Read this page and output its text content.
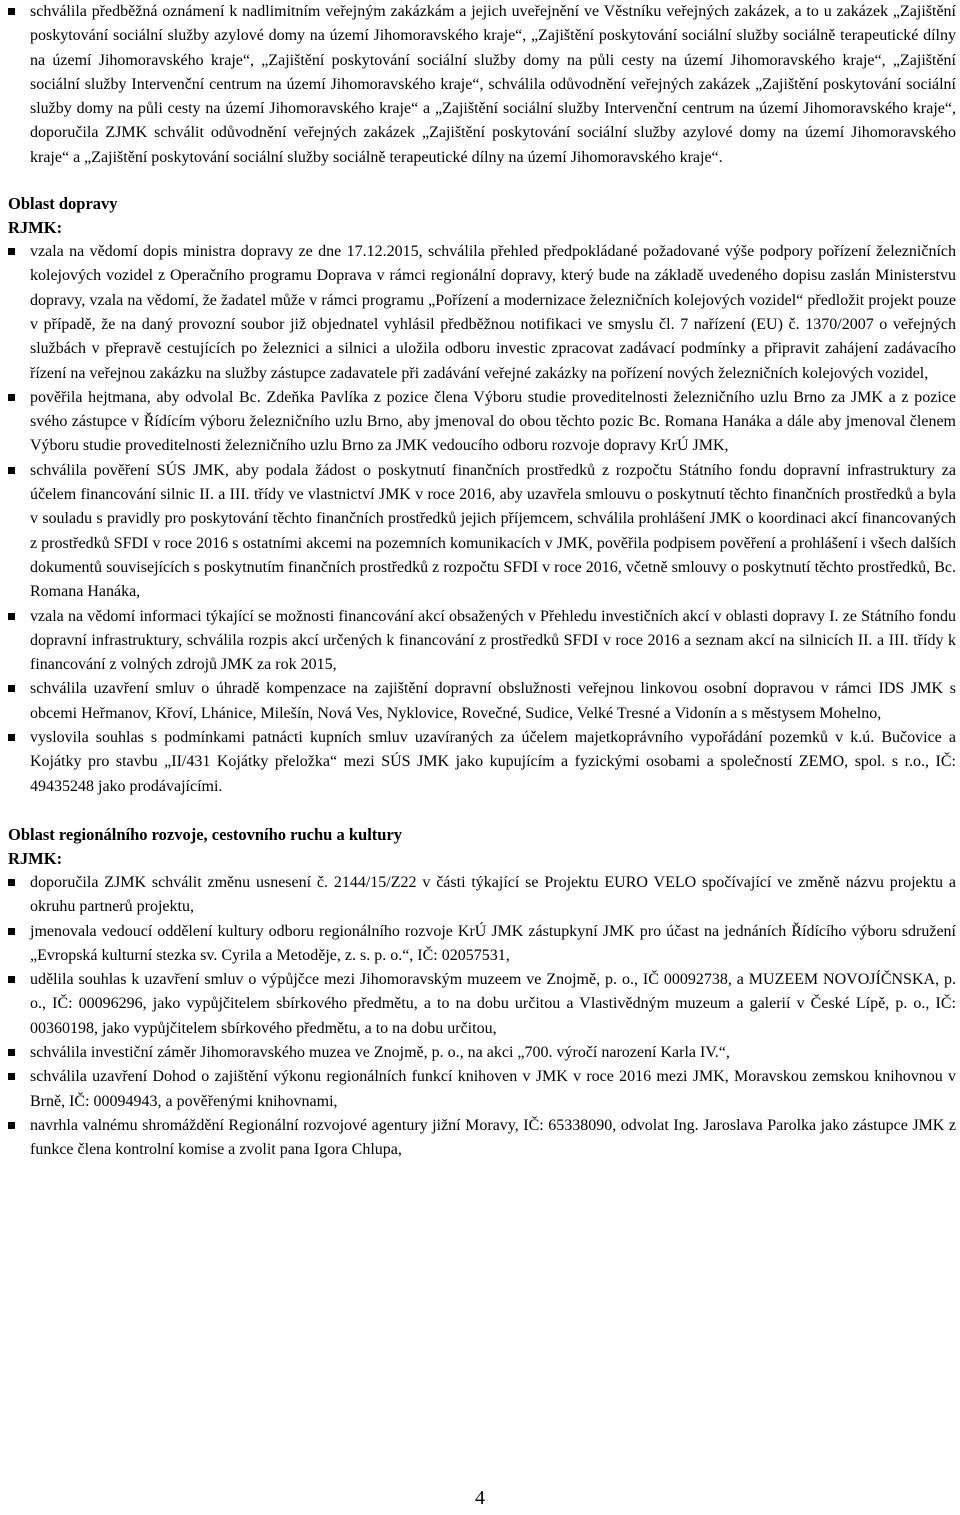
schválila předběžná oznámení k nadlimitním veřejným zakázkám a jejich uveřejnění ve Věstníku veřejných zakázek, a to u zakázek „Zajištění poskytování sociální služby azylové domy na území Jihomoravského kraje“, „Zajištění poskytování sociální služby sociálně terapeutické dílny na území Jihomoravského kraje“, „Zajištění poskytování sociální služby domy na půli cesty na území Jihomoravského kraje“, „Zajištění sociální služby Intervenční centrum na území Jihomoravského kraje“, schválila odůvodnění veřejných zakázek „Zajištění poskytování sociální služby domy na půli cesty na území Jihomoravského kraje“ a „Zajištění sociální služby Intervenční centrum na území Jihomoravského kraje“, doporučila ZJMK schválit odůvodnění veřejných zakázek „Zajištění poskytování sociální služby azylové domy na území Jihomoravského kraje“ a „Zajištění poskytování sociální služby sociálně terapeutické dílny na území Jihomoravského kraje“.

Oblast dopravy

RJMK:

vzala na vědomí dopis ministra dopravy ze dne 17.12.2015, schválila přehled předpokládané požadované výše podpory pořízení železničních kolejových vozidel z Operačního programu Doprava v rámci regionální dopravy, který bude na základě uvedeného dopisu zaslán Ministerstvu dopravy, vzala na vědomí, že žadatel může v rámci programu „Pořízení a modernizace železničních kolejových vozidel“ předložit projekt pouze v případě, že na daný provozní soubor již objednatel vyhlásil předběžnou notifikaci ve smyslu čl. 7 nařízení (EU) č. 1370/2007 o veřejných službách v přepravě cestujících po železnici a silnici a uložila odboru investic zpracovat zadávací podmínky a připravit zahájení zadávacího řízení na veřejnou zakázku na služby zástupce zadavatele při zadávání veřejné zakázky na pořízení nových železničních kolejových vozidel,
pověřila hejtmana, aby odvolal Bc. Zdeňka Pavlíka z pozice člena Výboru studie proveditelnosti železničního uzlu Brno za JMK a z pozice svého zástupce v Řídícím výboru železničního uzlu Brno, aby jmenoval do obou těchto pozic Bc. Romana Hanáka a dále aby jmenoval členem Výboru studie proveditelnosti železničního uzlu Brno za JMK vedoucího odboru rozvoje dopravy KrÚ JMK,
schválila pověření SÚS JMK, aby podala žádost o poskytnutí finančních prostředků z rozpočtu Státního fondu dopravní infrastruktury za účelem financování silnic II. a III. třídy ve vlastnictví JMK v roce 2016, aby uzavřela smlouvu o poskytnutí těchto finančních prostředků a byla v souladu s pravidly pro poskytování těchto finančních prostředků jejich příjemcem, schválila prohlášení JMK o koordinaci akcí financovaných z prostředků SFDI v roce 2016 s ostatními akcemi na pozemních komunikacích v JMK, pověřila podpisem pověření a prohlášení i všech dalších dokumentů souvisejících s poskytnutím finančních prostředků z rozpočtu SFDI v roce 2016, včetně smlouvy o poskytnutí těchto prostředků, Bc. Romana Hanáka,
vzala na vědomí informaci týkající se možnosti financování akcí obsažených v Přehledu investičních akcí v oblasti dopravy I. ze Státního fondu dopravní infrastruktury, schválila rozpis akcí určených k financování z prostředků SFDI v roce 2016 a seznam akcí na silnicích II. a III. třídy k financování z volných zdrojů JMK za rok 2015,
schválila uzavření smluv o úhradě kompenzace na zajištění dopravní obslužnosti veřejnou linkovou osobní dopravou v rámci IDS JMK s obcemi Heřmanov, Křoví, Lhánice, Milešín, Nová Ves, Nyklovice, Rovečné, Sudice, Velké Tresné a Vidonín a s městysem Mohelno,
vyslovila souhlas s podmínkami patnácti kupních smluv uzavíraných za účelem majetkoprávního vypořádání pozemků v k.ú. Bučovice a Kojátky pro stavbu „II/431 Kojátky přeložka“ mezi SÚS JMK jako kupujícím a fyzickými osobami a společností ZEMO, spol. s r.o., IČ: 49435248 jako prodávajícími.

Oblast regionálního rozvoje, cestovního ruchu a kultury

RJMK:

doporučila ZJMK schválit změnu usnesení č. 2144/15/Z22 v části týkající se Projektu EURO VELO spočívající ve změně názvu projektu a okruhu partnerů projektu,
jmenovala vedoucí oddělení kultury odboru regionálního rozvoje KrÚ JMK zástupkyní JMK pro účast na jednáních Řídícího výboru sdružení „Evropská kulturní stezka sv. Cyrila a Metoděje, z. s. p. o.“, IČ: 02057531,
udělila souhlas k uzavření smluv o výpůjčce mezi Jihomoravským muzeem ve Znojmě, p. o., IČ 00092738, a MUZEEM NOVOJÍČNSKA, p. o., IČ: 00096296, jako vypůjčitelem sbírkového předmětu, a to na dobu určitou a Vlastivědným muzeum a galerií v České Lípě, p. o., IČ: 00360198, jako vypůjčitelem sbírkového předmětu, a to na dobu určitou,
schválila investiční záměr Jihomoravského muzea ve Znojmě, p. o., na akci „700. výročí narození Karla IV.“,
schválila uzavření Dohod o zajištění výkonu regionálních funkcí knihoven v JMK v roce 2016 mezi JMK, Moravskou zemskou knihovnou v Brně, IČ: 00094943, a pověřenými knihovnami,
navrhla valnému shromáždění Regionální rozvojové agentury jižní Moravy, IČ: 65338090, odvolat Ing. Jaroslava Parolka jako zástupce JMK z funkce člena kontrolní komise a zvolit pana Igora Chlupa,
4
